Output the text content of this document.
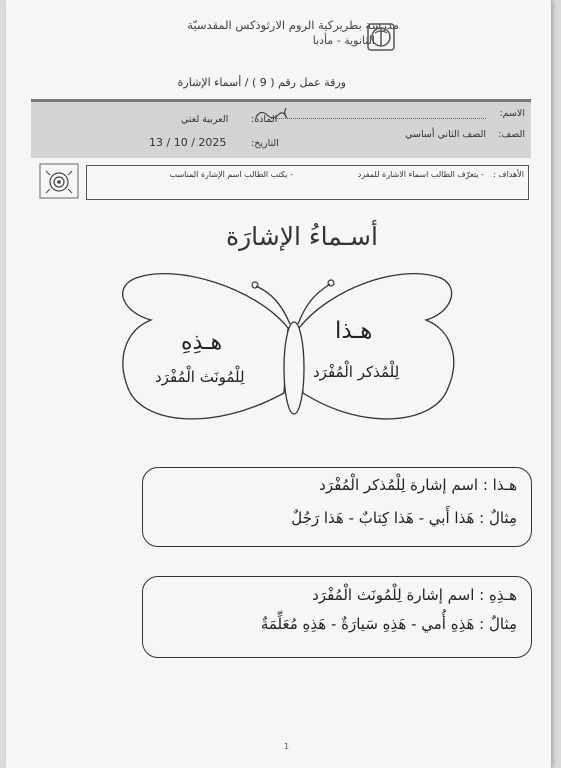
مدرسة بطريركية الروم الارثوذكس المقدسيّة
الثانوية - مأدبا
ورقة عمل رقم ( 9 ) / أسماء الإشارة
الاسم:
الصف:
الصف الثاني أساسي
المادة:
العربية لغتي
التاريخ:
13 / 10 / 2025
الأهداف :
- يتعرّف الطالب اسماء الاشارة للمفرد
- يكتب الطالب اسم الإشارة المناسب
أسـماءُ الإشارَة
هـذا
لِلْمُذكر الْمُفْرَد
هـذِهِ
لِلْمُونَث الْمُفْرَد
هـذا : اسم إشارة لِلْمُذكر الْمُفْرَد
مِثالٌ : هَذا أَبي - هَذا كِتابٌ - هَذا رَجُلٌ
هـذِهِ : اسم إشارة لِلْمُونَث الْمُفْرَد
مِثالٌ : هَذِهِ أُمي - هَذِهِ سَيارَةٌ - هَذِهِ مُعَلِّمَةٌ
1
